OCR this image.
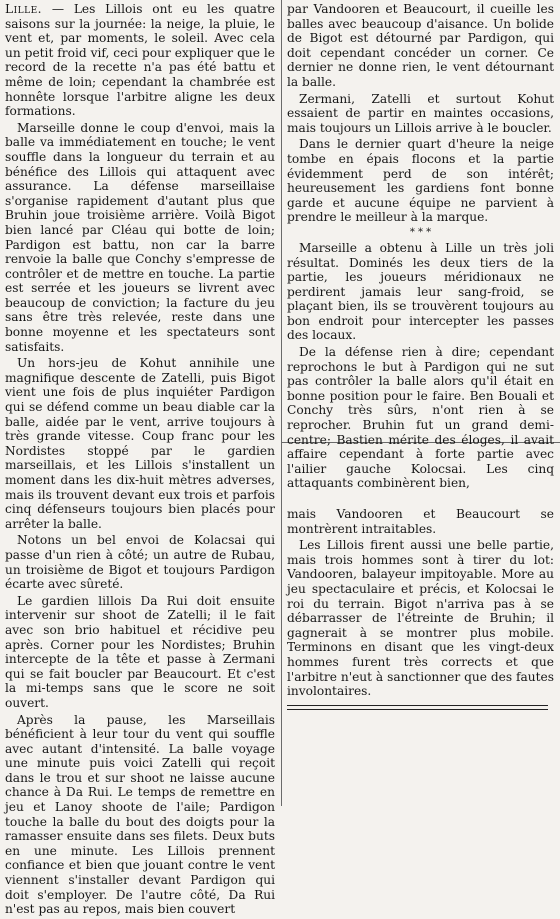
Lille. — Les Lillois ont eu les quatre saisons sur la journée: la neige, la pluie, le vent et, par moments, le soleil. Avec cela un petit froid vif, ceci pour expliquer que le record de la recette n'a pas été battu et même de loin; cependant la chambrée est honnête lorsque l'arbitre aligne les deux formations.

Marseille donne le coup d'envoi, mais la balle va immédiatement en touche; le vent souffle dans la longueur du terrain et au bénéfice des Lillois qui attaquent avec assurance. La défense marseillaise s'organise rapidement d'autant plus que Bruhin joue troisième arrière. Voilà Bigot bien lancé par Cléau qui botte de loin; Pardigon est battu, non car la barre renvoie la balle que Conchy s'empresse de contrôler et de mettre en touche. La partie est serrée et les joueurs se livrent avec beaucoup de conviction; la facture du jeu sans être très relevée, reste dans une bonne moyenne et les spectateurs sont satisfaits.

Un hors-jeu de Kohut annihile une magnifique descente de Zatelli, puis Bigot vient une fois de plus inquiéter Pardigon qui se défend comme un beau diable car la balle, aidée par le vent, arrive toujours à très grande vitesse. Coup franc pour les Nordistes stoppé par le gardien marseillais, et les Lillois s'installent un moment dans les dix-huit mètres adverses, mais ils trouvent devant eux trois et parfois cinq défenseurs toujours bien placés pour arrêter la balle.

Notons un bel envoi de Kolacsai qui passe d'un rien à côté; un autre de Rubau, un troisième de Bigot et toujours Pardigon écarte avec sûreté.

Le gardien lillois Da Rui doit ensuite intervenir sur shoot de Zatelli; il le fait avec son brio habituel et récidive peu après. Corner pour les Nordistes; Bruhin intercepte de la tête et passe à Zermani qui se fait boucler par Beaucourt. Et c'est la mi-temps sans que le score ne soit ouvert.

Après la pause, les Marseillais bénéficient à leur tour du vent qui souffle avec autant d'intensité. La balle voyage une minute puis voici Zatelli qui reçoit dans le trou et sur shoot ne laisse aucune chance à Da Rui. Le temps de remettre en jeu et Lanoy shoote de l'aile; Pardigon touche la balle du bout des doigts pour la ramasser ensuite dans ses filets. Deux buts en une minute. Les Lillois prennent confiance et bien que jouant contre le vent viennent s'installer devant Pardigon qui doit s'employer. De l'autre côté, Da Rui n'est pas au repos, mais bien couvert

par Vandooren et Beaucourt, il cueille les balles avec beaucoup d'aisance. Un bolide de Bigot est détourné par Pardigon, qui doit cependant concéder un corner. Ce dernier ne donne rien, le vent détournant la balle.

Zermani, Zatelli et surtout Kohut essaient de partir en maintes occasions, mais toujours un Lillois arrive à le boucler.

Dans le dernier quart d'heure la neige tombe en épais flocons et la partie évidemment perd de son intérêt; heureusement les gardiens font bonne garde et aucune équipe ne parvient à prendre le meilleur à la marque.

* * *

Marseille a obtenu à Lille un très joli résultat. Dominés les deux tiers de la partie, les joueurs méridionaux ne perdirent jamais leur sang-froid, se plaçant bien, ils se trouvèrent toujours au bon endroit pour intercepter les passes des locaux.

De la défense rien à dire; cependant reprochons le but à Pardigon qui ne sut pas contrôler la balle alors qu'il était en bonne position pour le faire. Ben Bouali et Conchy très sûrs, n'ont rien à se reprocher. Bruhin fut un grand demi-centre; Bastien mérite des éloges, il avait affaire cependant à forte partie avec l'ailier gauche Kolocsai. Les cinq attaquants combinèrent bien,

mais Vandooren et Beaucourt se montrèrent intraitables.

Les Lillois firent aussi une belle partie, mais trois hommes sont à tirer du lot: Vandooren, balayeur impitoyable. More au jeu spectaculaire et précis, et Kolocsai le roi du terrain. Bigot n'arriva pas à se débarrasser de l'étreinte de Bruhin; il gagnerait à se montrer plus mobile. Terminons en disant que les vingt-deux hommes furent très corrects et que l'arbitre n'eut à sanctionner que des fautes involontaires.
